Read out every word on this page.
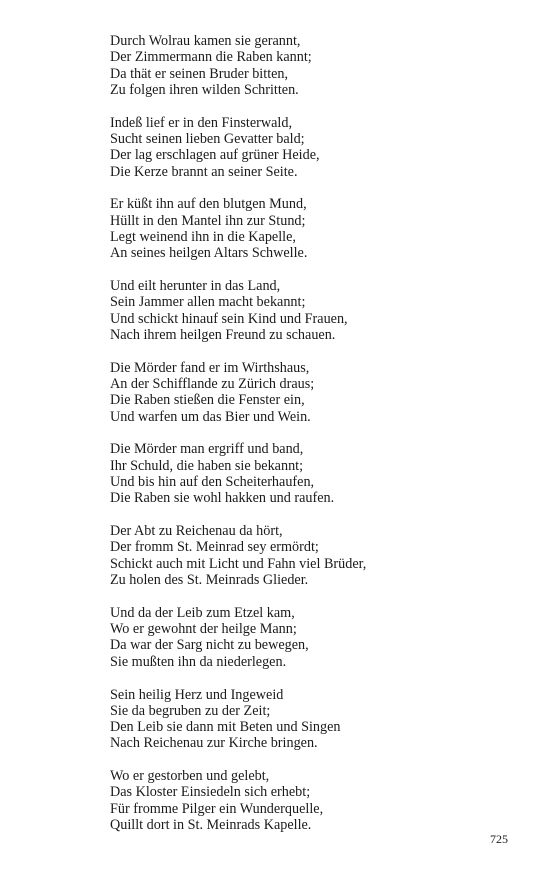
Durch Wolrau kamen sie gerannt,
Der Zimmermann die Raben kannt;
Da thät er seinen Bruder bitten,
Zu folgen ihren wilden Schritten.
Indeß lief er in den Finsterwald,
Sucht seinen lieben Gevatter bald;
Der lag erschlagen auf grüner Heide,
Die Kerze brannt an seiner Seite.
Er küßt ihn auf den blutgen Mund,
Hüllt in den Mantel ihn zur Stund;
Legt weinend ihn in die Kapelle,
An seines heilgen Altars Schwelle.
Und eilt herunter in das Land,
Sein Jammer allen macht bekannt;
Und schickt hinauf sein Kind und Frauen,
Nach ihrem heilgen Freund zu schauen.
Die Mörder fand er im Wirthshaus,
An der Schifflande zu Zürich draus;
Die Raben stießen die Fenster ein,
Und warfen um das Bier und Wein.
Die Mörder man ergriff und band,
Ihr Schuld, die haben sie bekannt;
Und bis hin auf den Scheiterhaufen,
Die Raben sie wohl hakken und raufen.
Der Abt zu Reichenau da hört,
Der fromm St. Meinrad sey ermördt;
Schickt auch mit Licht und Fahn viel Brüder,
Zu holen des St. Meinrads Glieder.
Und da der Leib zum Etzel kam,
Wo er gewohnt der heilge Mann;
Da war der Sarg nicht zu bewegen,
Sie mußten ihn da niederlegen.
Sein heilig Herz und Ingeweid
Sie da begruben zu der Zeit;
Den Leib sie dann mit Beten und Singen
Nach Reichenau zur Kirche bringen.
Wo er gestorben und gelebt,
Das Kloster Einsiedeln sich erhebt;
Für fromme Pilger ein Wunderquelle,
Quillt dort in St. Meinrads Kapelle.
725
